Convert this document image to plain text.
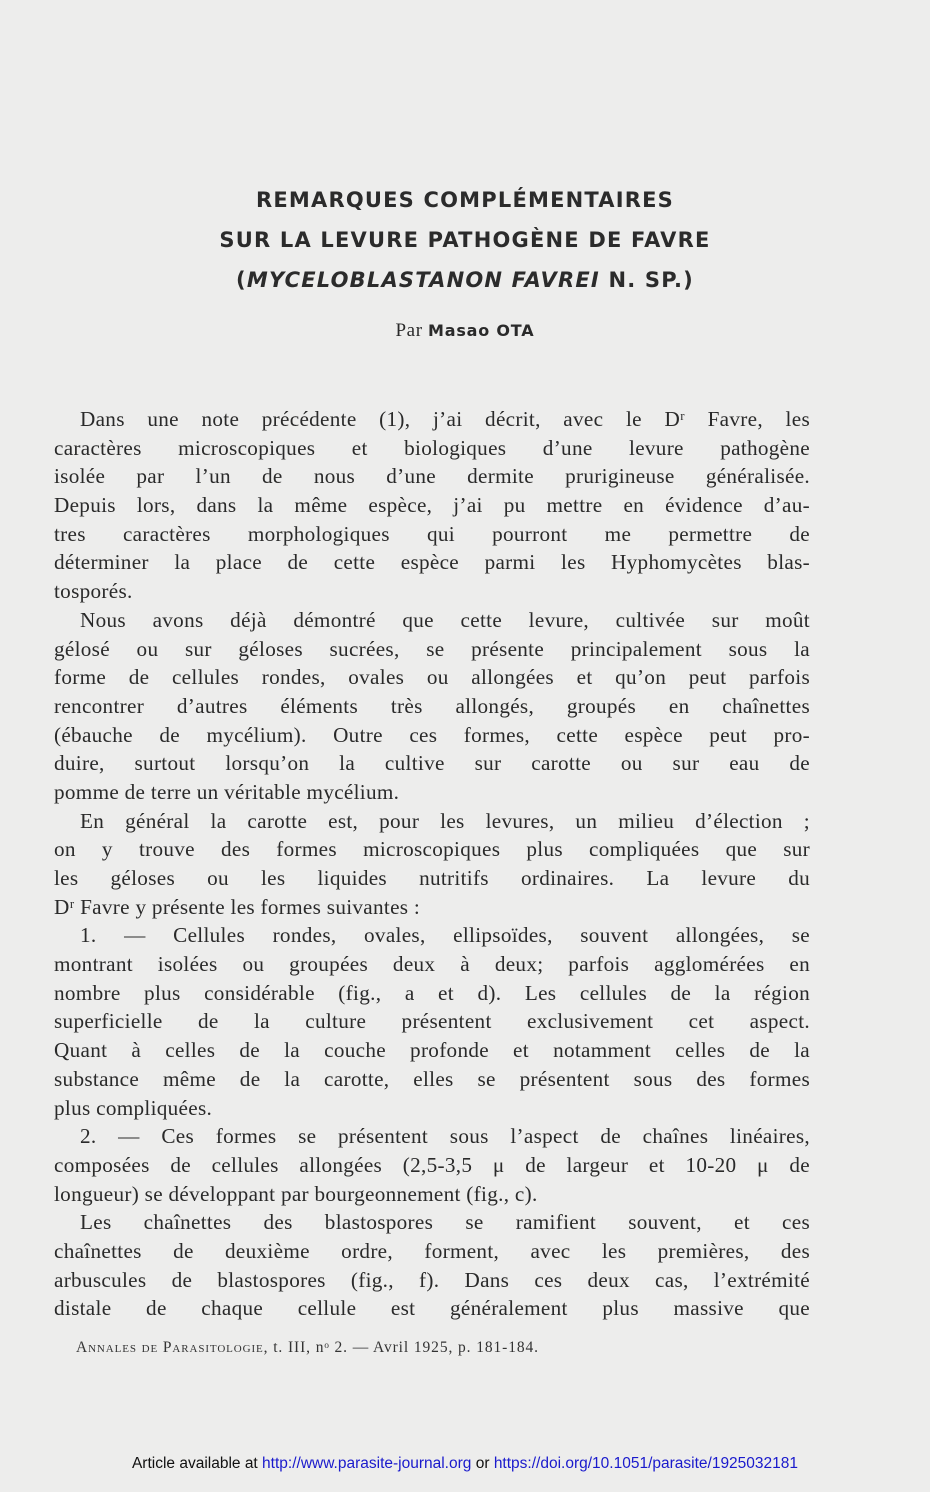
REMARQUES COMPLÉMENTAIRES
SUR LA LEVURE PATHOGÈNE DE FAVRE
(MYCELOBLASTANON FAVREI N. SP.)
Par Masao OTA
Dans une note précédente (1), j’ai décrit, avec le Dʳ Favre, les
caractères microscopiques et biologiques d’une levure pathogène
isolée par l’un de nous d’une dermite prurigineuse généralisée.
Depuis lors, dans la même espèce, j’ai pu mettre en évidence d’au-
tres caractères morphologiques qui pourront me permettre de
déterminer la place de cette espèce parmi les Hyphomycètes blas-
tosporés.
Nous avons déjà démontré que cette levure, cultivée sur moût
gélosé ou sur géloses sucrées, se présente principalement sous la
forme de cellules rondes, ovales ou allongées et qu’on peut parfois
rencontrer d’autres éléments très allongés, groupés en chaînettes
(ébauche de mycélium). Outre ces formes, cette espèce peut pro-
duire, surtout lorsqu’on la cultive sur carotte ou sur eau de
pomme de terre un véritable mycélium.
En général la carotte est, pour les levures, un milieu d’élection ;
on y trouve des formes microscopiques plus compliquées que sur
les géloses ou les liquides nutritifs ordinaires. La levure du
Dʳ Favre y présente les formes suivantes :
1. — Cellules rondes, ovales, ellipsoïdes, souvent allongées, se
montrant isolées ou groupées deux à deux; parfois agglomérées en
nombre plus considérable (fig., a et d). Les cellules de la région
superficielle de la culture présentent exclusivement cet aspect.
Quant à celles de la couche profonde et notamment celles de la
substance même de la carotte, elles se présentent sous des formes
plus compliquées.
2. — Ces formes se présentent sous l’aspect de chaînes linéaires,
composées de cellules allongées (2,5-3,5 μ de largeur et 10-20 μ de
longueur) se développant par bourgeonnement (fig., c).
Les chaînettes des blastospores se ramifient souvent, et ces
chaînettes de deuxième ordre, forment, avec les premières, des
arbuscules de blastospores (fig., f). Dans ces deux cas, l’extrémité
distale de chaque cellule est généralement plus massive que
Annales de Parasitologie, t. III, nᵒ 2. — Avril 1925, p. 181-184.
Article available at http://www.parasite-journal.org or https://doi.org/10.1051/parasite/1925032181
